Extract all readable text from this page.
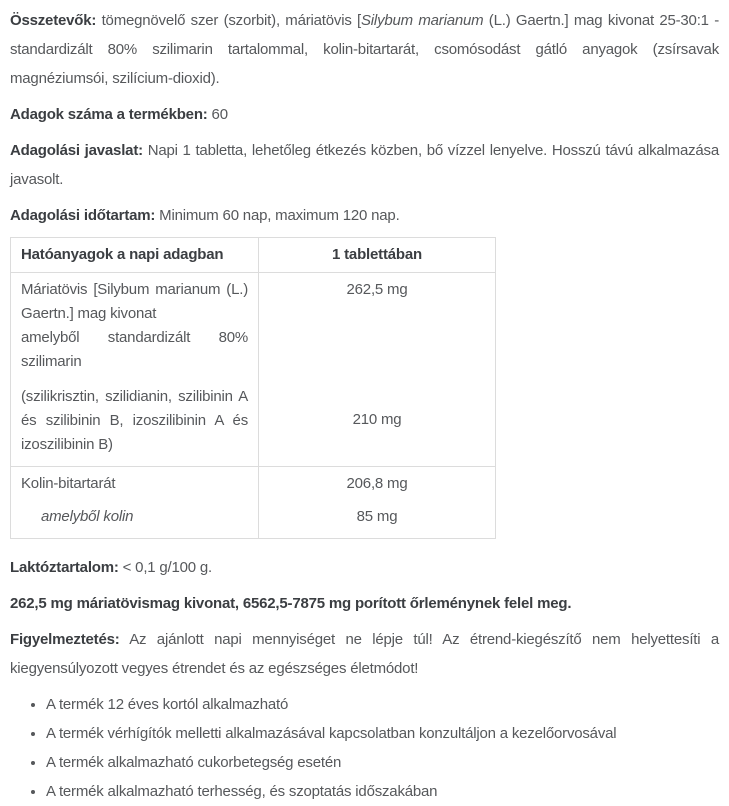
Összetevők: tömegnövelő szer (szorbit), máriatövis [Silybum marianum (L.) Gaertn.] mag kivonat 25-30:1 - standardizált 80% szilimarin tartalommal, kolin-bitartarát, csomósodást gátló anyagok (zsírsavak magnéziumsói, szilícium-dioxid).

Adagok száma a termékben: 60

Adagolási javaslat: Napi 1 tabletta, lehetőleg étkezés közben, bő vízzel lenyelve. Hosszú távú alkalmazása javasolt.

Adagolási időtartam: Minimum 60 nap, maximum 120 nap.

Hatóanyagok a napi adagban	1 tablettában

Máriatövis [Silybum marianum (L.) Gaertn.] mag kivonat
amelyből standardizált 80% szilimarin	262,5 mg
(szilikrisztin, szilidianin, szilibinin A és szilibinin B, izoszilibinin A és izoszilibinin B)	210 mg
Kolin-bitartarát	206,8 mg
amelyből kolin	85 mg

Laktóztartalom: < 0,1 g/100 g.

262,5 mg máriatövismag kivonat, 6562,5-7875 mg porított őrleménynek felel meg.

Figyelmeztetés: Az ajánlott napi mennyiséget ne lépje túl! Az étrend-kiegészítő nem helyettesíti a kiegyensúlyozott vegyes étrendet és az egészséges életmódot!

• A termék 12 éves kortól alkalmazható
• A termék vérhígítók melletti alkalmazásával kapcsolatban konzultáljon a kezelőorvosával
• A termék alkalmazható cukorbetegség esetén
• A termék alkalmazható terhesség, és szoptatás időszakában
